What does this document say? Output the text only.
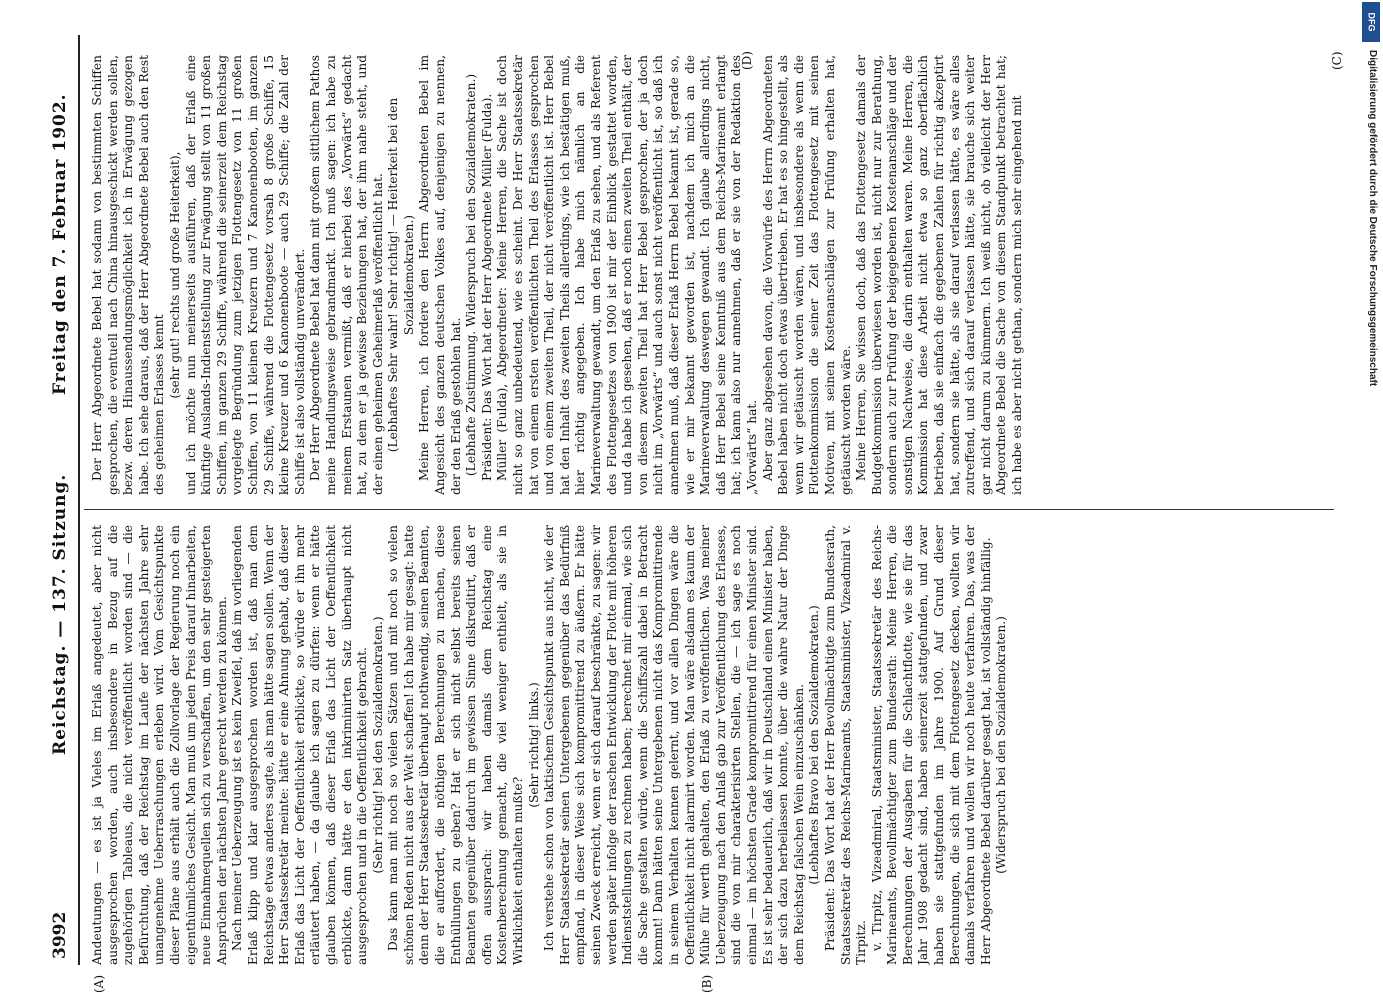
3992
Reichstag. — 137. Sitzung.
Freitag den 7. Februar 1902.

Andeutungen — es ist ja Vieles im Erlaß angedeutet, aber nicht ausgesprochen worden, auch insbesondere in Bezug auf die zugehörigen Tableaus, die nicht veröffentlicht worden sind — die Befürchtung, daß der Reichstag im Laufe der nächsten Jahre sehr unangenehme Ueberraschungen erleben wird. Vom Gesichtspunkte dieser Pläne aus erhält auch die Zollvorlage der Regierung noch ein eigenthümliches Gesicht. Man muß um jeden Preis darauf hinarbeiten, neue Einnahmequellen sich zu verschaffen, um den sehr gesteigerten Ansprüchen der nächsten Jahre gerecht werden zu können. Nach meiner Ueberzeugung ist es kein Zweifel, daß im vorliegenden Erlaß klipp und klar ausgesprochen worden ist, daß man dem Reichstage etwas anderes sagte, als man hätte sagen sollen. Wenn der Herr Staatssekretär meinte: hätte er eine Ahnung gehabt, daß dieser Erlaß das Licht der Oeffentlichkeit erblickte, so würde er ihn mehr erläutert haben, — da glaube ich sagen zu dürfen: wenn er hätte glauben können, daß dieser Erlaß das Licht der Oeffentlichkeit erblickte, dann hätte er den inkriminirten Satz überhaupt nicht ausgesprochen und in die Oeffentlichkeit gebracht. (Sehr richtig! bei den Sozialdemokraten.) Das kann man mit noch so vielen Sätzen und mit noch so vielen schönen Reden nicht aus der Welt schaffen! Ich habe mir gesagt: hatte denn der Herr Staatssekretär überhaupt nothwendig, seinen Beamten, die er auffordert, die nöthigen Berechnungen zu machen, diese Enthüllungen zu geben? Hat er sich nicht selbst bereits seinen Beamten gegenüber dadurch im gewissen Sinne diskreditirt, daß er offen aussprach: wir haben damals dem Reichstag eine Kostenberechnung gemacht, die viel weniger enthielt, als sie in Wirklichkeit enthalten mußte?

(Sehr richtig! links.) Ich verstehe schon von taktischem Gesichtspunkt aus nicht, wie der Herr Staatssekretär seinen Untergebenen gegenüber das Bedürfniß empfand, in dieser Weise sich kompromittirend zu äußern. Er hätte seinen Zweck erreicht, wenn er sich darauf beschränkte, zu sagen: wir werden später infolge der raschen Entwicklung der Flotte mit höheren Indienststellungen zu rechnen haben; berechnet mir einmal, wie sich die Sache gestalten würde, wenn die Schiffszahl dabei in Betracht kommt! Dann hätten seine Untergebenen nicht das Kompromittirende in seinem Verhalten kennen gelernt, und vor allen Dingen wäre die Oeffentlichkeit nicht alarmirt worden. Man wäre alsdann es kaum der Mühe für werth gehalten, den Erlaß zu veröffentlichen. Was meiner Ueberzeugung nach den Anlaß gab zur Veröffentlichung des Erlasses, sind die von mir charakterisirten Stellen, die — ich sage es noch einmal — im höchsten Grade kompromittirend für einen Minister sind. Es ist sehr bedauerlich, daß wir in Deutschland einen Minister haben, der sich dazu herbeilassen konnte, über die wahre Natur der Dinge dem Reichstag falschen Wein einzuschänken. (Lebhaftes Bravo bei den Sozialdemokraten.) Präsident: Das Wort hat der Herr Bevollmächtigte zum Bundesrath, Staatssekretär des Reichs-Marineamts, Staatsminister, Vizeadmiral v. Tirpitz. v. Tirpitz, Vizeadmiral, Staatsminister, Staatssekretär des Reichs-Marineamts, Bevollmächtigter zum Bundesrath: Meine Herren, die Berechnungen der Ausgaben für die Schlachtflotte, wie sie für das Jahr 1908 gedacht sind, haben seinerzeit stattgefunden, und zwar haben sie stattgefunden im Jahre 1900. Auf Grund dieser Berechnungen, die sich mit dem Flottengesetz decken, wollten wir damals verfahren und wollen wir noch heute verfahren. Das, was der Herr Abgeordnete Bebel darüber gesagt hat, ist vollständig hinfällig. (Widerspruch bei den Sozialdemokraten.)

Der Herr Abgeordnete Bebel hat sodann von bestimmten Schiffen gesprochen, die eventuell nach China hinausgeschickt werden sollen, bezw. deren Hinaussendungsmöglichkeit ich in Erwägung gezogen habe. Ich sehe daraus, daß der Herr Abgeordnete Bebel auch den Rest des geheimen Erlasses kennt

(sehr gut! rechts und große Heiterkeit), und ich möchte nun meinerseits ausführen, daß der Erlaß eine künftige Auslands-Indienststellung zur Erwägung stellt von 11 großen Schiffen, im ganzen 29 Schiffe, während die seinerzeit dem Reichstag vorgelegte Begründung zum jetzigen Flottengesetz von 11 großen Schiffen, von 11 kleinen Kreuzern und 7 Kanonenbooten, im ganzen 29 Schiffe, während die Flottengesetz vorsah 8 große Schiffe, 15 kleine Kreuzer und 6 Kanonenboote — auch 29 Schiffe; die Zahl der Schiffe ist also vollständig unverändert. Der Herr Abgeordnete Bebel hat dann mit großem sittlichem Pathos meine Handlungsweise gebrandmarkt. Ich muß sagen: ich habe zu meinem Erstaunen vermißt, daß er hierbei des „Vorwärts“ gedacht hat, zu dem er ja gewisse Beziehungen hat, der ihm nahe steht, und der einen geheimen Geheimerlaß veröffentlicht hat. (Lebhaftes Sehr wahr! Sehr richtig! — Heiterkeit bei den Sozialdemokraten.) Meine Herren, ich fordere den Herrn Abgeordneten Bebel im Angesicht des ganzen deutschen Volkes auf, denjenigen zu nennen, der den Erlaß gestohlen hat. (Lebhafte Zustimmung. Widerspruch bei den Sozialdemokraten.) Präsident: Das Wort hat der Herr Abgeordnete Müller (Fulda). Müller (Fulda), Abgeordneter: Meine Herren, die Sache ist doch nicht so ganz unbedeutend, wie es scheint. Der Herr Staatssekretär hat von einem ersten veröffentlichten Theil des Erlasses gesprochen und von einem zweiten Theil, der nicht veröffentlicht ist. Herr Bebel hat den Inhalt des zweiten Theils allerdings, wie ich bestätigen muß, hier richtig angegeben. Ich habe mich nämlich an die Marineverwaltung gewandt, um den Erlaß zu sehen, und als Referent des Flottengesetzes von 1900 ist mir der Einblick gestattet worden, und da habe ich gesehen, daß er noch einen zweiten Theil enthält, der von diesem zweiten Theil hat Herr Bebel gesprochen, der ja doch nicht im „Vorwärts“ und auch sonst nicht veröffentlicht ist, so daß ich annehmen muß, daß dieser Erlaß Herrn Bebel bekannt ist, gerade so, wie er mir bekannt geworden ist, nachdem ich mich an die Marineverwaltung deswegen gewandt. Ich glaube allerdings nicht, daß Herr Bebel seine Kenntniß aus dem Reichs-Marineamt erlangt hat; ich kann also nur annehmen, daß er sie von der Redaktion des „Vorwärts“ hat. Aber ganz abgesehen davon, die Vorwürfe des Herrn Abgeordneten Bebel haben nicht doch etwas übertrieben. Er hat es so hingestellt, als wenn wir getäuscht worden wären, und insbesondere als wenn die Flottenkommission die seiner Zeit das Flottengesetz mit seinen Motiven, mit seinen Kostenanschlägen zur Prüfung erhalten hat, getäuscht worden wäre. Meine Herren, Sie wissen doch, daß das Flottengesetz damals der Budgetkommission überwiesen worden ist, nicht nur zur Berathung, sondern auch zur Prüfung der beigegebenen Kostenanschläge und der sonstigen Nachweise, die darin enthalten waren. Meine Herren, die Kommission hat diese Arbeit nicht etwa so ganz oberflächlich betrieben, daß sie einfach die gegebenen Zahlen für richtig akzeptirt hat, sondern sie hätte, als sie darauf verlassen hätte, es wäre alles zutreffend, und sich darauf verlassen hätte, sie brauche sich weiter gar nicht darum zu kümmern. Ich weiß nicht, ob vielleicht der Herr Abgeordnete Bebel die Sache von diesem Standpunkt betrachtet hat; ich habe es aber nicht gethan, sondern mich sehr eingehend mit

(A)	(B)
(C)
(D)
DFG
Digitalisierung gefördert durch die Deutsche Forschungsgemeinschaft
